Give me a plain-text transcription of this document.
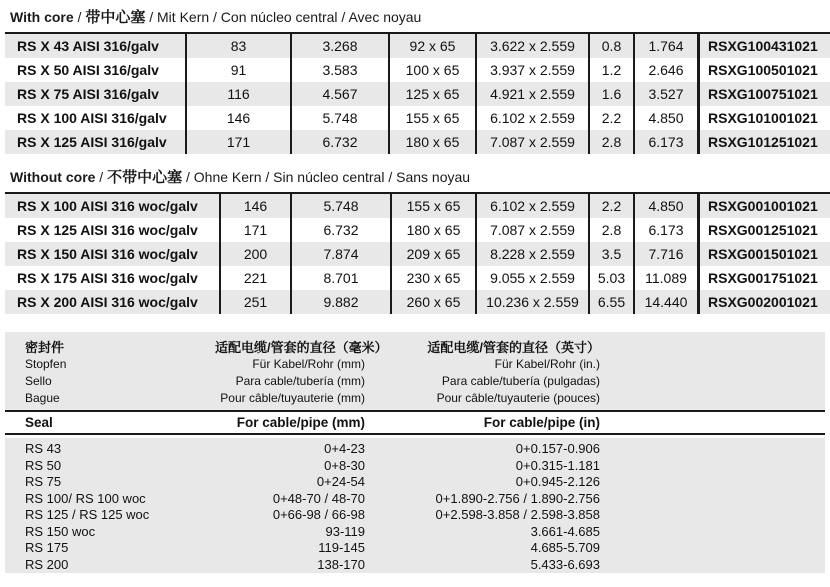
With core / 带中心塞 / Mit Kern / Con núcleo central / Avec noyau
RS X 43 AISI 316/galv	83	3.268	92 x 65	3.622 x 2.559	0.8	1.764	RSXG100431021
RS X 50 AISI 316/galv	91	3.583	100 x 65	3.937 x 2.559	1.2	2.646	RSXG100501021
RS X 75 AISI 316/galv	116	4.567	125 x 65	4.921 x 2.559	1.6	3.527	RSXG100751021
RS X 100 AISI 316/galv	146	5.748	155 x 65	6.102 x 2.559	2.2	4.850	RSXG101001021
RS X 125 AISI 316/galv	171	6.732	180 x 65	7.087 x 2.559	2.8	6.173	RSXG101251021
Without core / 不带中心塞 / Ohne Kern / Sin núcleo central / Sans noyau
RS X 100 AISI 316 woc/galv	146	5.748	155 x 65	6.102 x 2.559	2.2	4.850	RSXG001001021
RS X 125 AISI 316 woc/galv	171	6.732	180 x 65	7.087 x 2.559	2.8	6.173	RSXG001251021
RS X 150 AISI 316 woc/galv	200	7.874	209 x 65	8.228 x 2.559	3.5	7.716	RSXG001501021
RS X 175 AISI 316 woc/galv	221	8.701	230 x 65	9.055 x 2.559	5.03	11.089	RSXG001751021
RS X 200 AISI 316 woc/galv	251	9.882	260 x 65	10.236 x 2.559	6.55	14.440	RSXG002001021
密封件	适配电缆/管套的直径（毫米）	适配电缆/管套的直径（英寸）
Stopfen	Für Kabel/Rohr (mm)	Für Kabel/Rohr (in.)
Sello	Para cable/tubería (mm)	Para cable/tubería (pulgadas)
Bague	Pour câble/tuyauterie (mm)	Pour câble/tuyauterie (pouces)
Seal	For cable/pipe (mm)	For cable/pipe (in)
RS 43	0+4-23	0+0.157-0.906
RS 50	0+8-30	0+0.315-1.181
RS 75	0+24-54	0+0.945-2.126
RS 100/ RS 100 woc	0+48-70 / 48-70	0+1.890-2.756 / 1.890-2.756
RS 125 / RS 125 woc	0+66-98 / 66-98	0+2.598-3.858 / 2.598-3.858
RS 150 woc	93-119	3.661-4.685
RS 175	119-145	4.685-5.709
RS 200	138-170	5.433-6.693
